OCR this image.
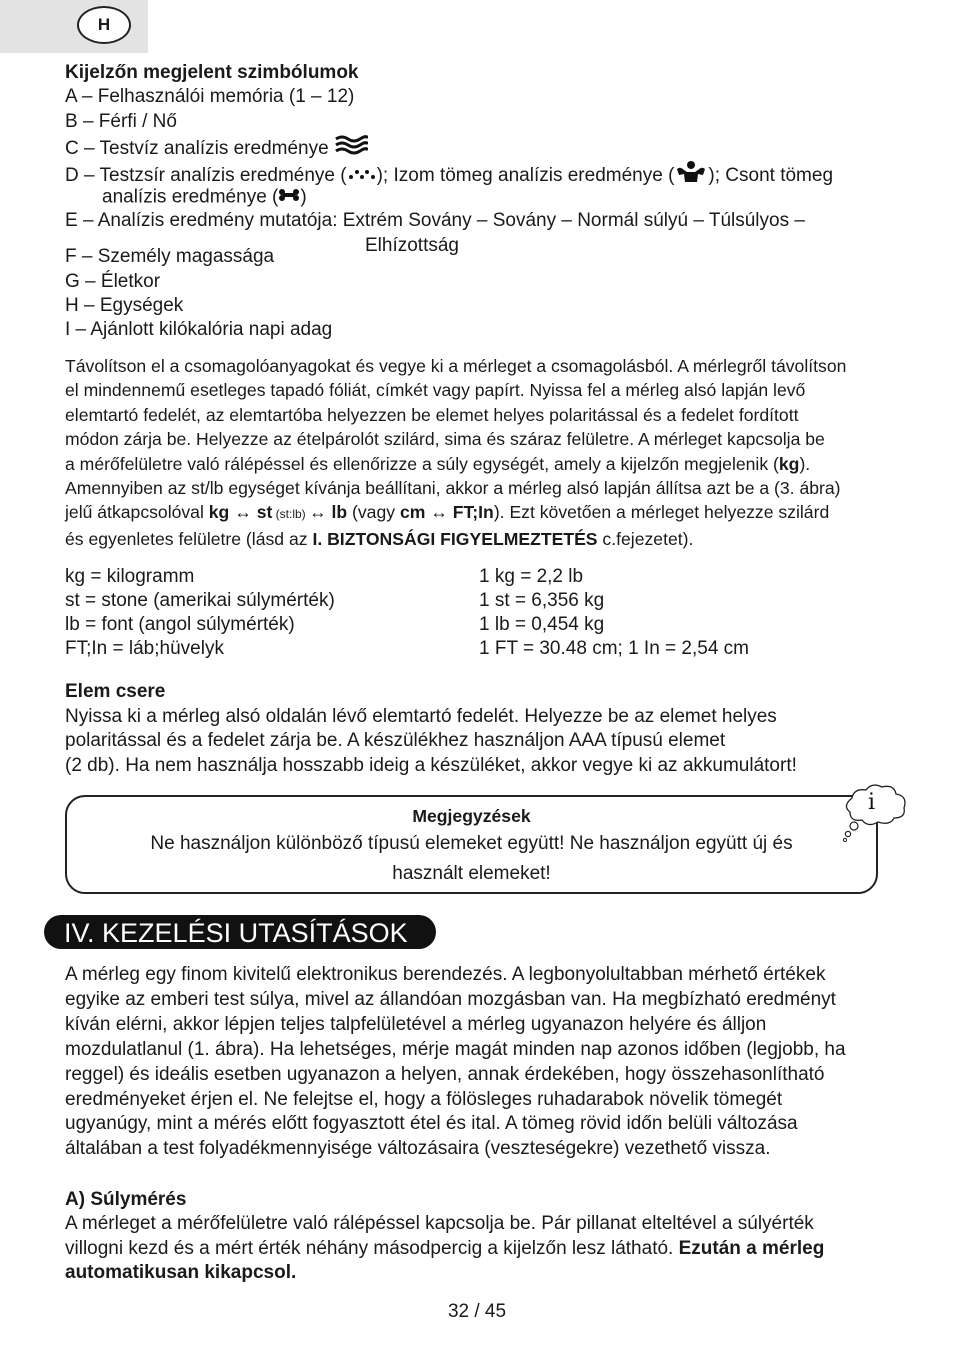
H
Kijelzőn megjelent szimbólumok
A – Felhasználói memória (1 – 12)
B – Férfi / Nő
C – Testvíz analízis eredménye
D – Testzsír analízis eredménye ( ); Izom tömeg analízis eredménye ( ); Csont tömeg
analízis eredménye ( )
E – Analízis eredmény mutatója: Extrém Sovány – Sovány – Normál súlyú – Túlsúlyos –
Elhízottság
F – Személy magassága
G – Életkor
H – Egységek
I – Ajánlott kilókalória napi adag
Távolítson el a csomagolóanyagokat és vegye ki a mérleget a csomagolásból. A mérlegről távolítson
el mindennemű esetleges tapadó fóliát, címkét vagy papírt. Nyissa fel a mérleg alsó lapján levő
elemtartó fedelét, az elemtartóba helyezzen be elemet helyes polaritással és a fedelet fordított
módon zárja be. Helyezze az ételpárolót szilárd, sima és száraz felületre. A mérleget kapcsolja be
a mérőfelületre való rálépéssel és ellenőrizze a súly egységét, amely a kijelzőn megjelenik (kg).
Amennyiben az st/lb egységet kívánja beállítani, akkor a mérleg alsó lapján állítsa azt be a (3. ábra)
jelű átkapcsolóval kg ↔ st (st:lb) ↔ lb (vagy cm ↔ FT;In). Ezt követően a mérleget helyezze szilárd
és egyenletes felületre (lásd az I. BIZTONSÁGI FIGYELMEZTETÉS c.fejezetet).
kg = kilogramm	1 kg = 2,2 lb
st = stone (amerikai súlymérték)	1 st = 6,356 kg
lb = font (angol súlymérték)	1 lb = 0,454 kg
FT;In = láb;hüvelyk	1 FT = 30.48 cm; 1 In = 2,54 cm
Elem csere
Nyissa ki a mérleg alsó oldalán lévő elemtartó fedelét. Helyezze be az elemet helyes
polaritással és a fedelet zárja be. A készülékhez használjon AAA típusú elemet
(2 db). Ha nem használja hosszabb ideig a készüléket, akkor vegye ki az akkumulátort!
Megjegyzések
Ne használjon különböző típusú elemeket együtt! Ne használjon együtt új és
használt elemeket!
i
IV. KEZELÉSI UTASÍTÁSOK
A mérleg egy finom kivitelű elektronikus berendezés. A legbonyolultabban mérhető értékek
egyike az emberi test súlya, mivel az állandóan mozgásban van. Ha megbízható eredményt
kíván elérni, akkor lépjen teljes talpfelületével a mérleg ugyanazon helyére és álljon
mozdulatlanul (1. ábra). Ha lehetséges, mérje magát minden nap azonos időben (legjobb, ha
reggel) és ideális esetben ugyanazon a helyen, annak érdekében, hogy összehasonlítható
eredményeket érjen el. Ne felejtse el, hogy a fölösleges ruhadarabok növelik tömegét
ugyanúgy, mint a mérés előtt fogyasztott étel és ital. A tömeg rövid időn belüli változása
általában a test folyadékmennyisége változásaira (veszteségekre) vezethető vissza.
A) Súlymérés
A mérleget a mérőfelületre való rálépéssel kapcsolja be. Pár pillanat elteltével a súlyérték
villogni kezd és a mért érték néhány másodpercig a kijelzőn lesz látható. Ezután a mérleg
automatikusan kikapcsol.
32 / 45
